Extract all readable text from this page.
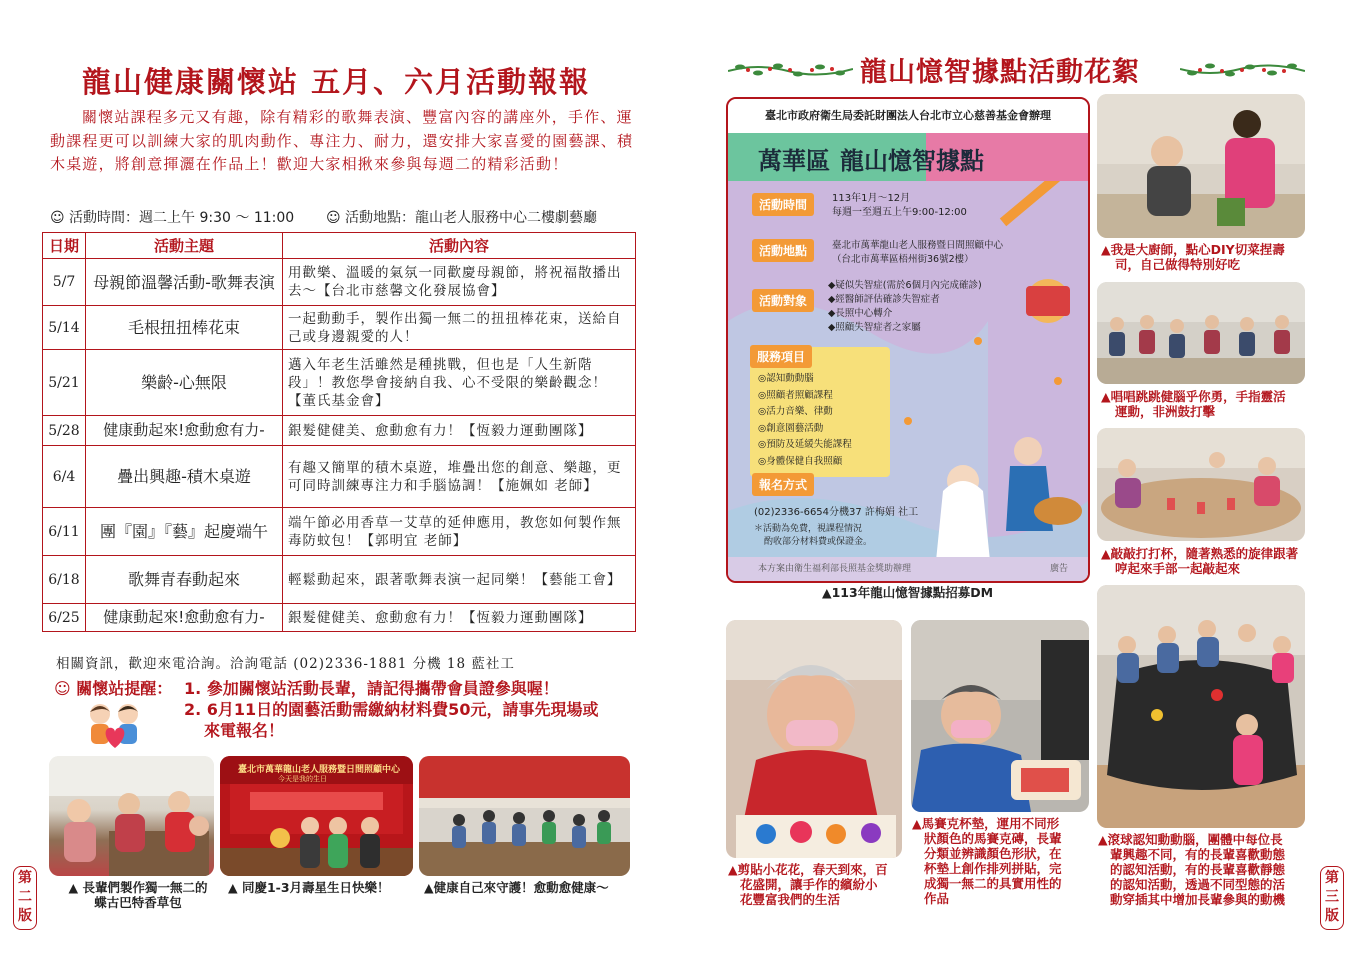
龍山健康關懷站 五月、六月活動報報
關懷站課程多元又有趣，除有精彩的歌舞表演、豐富內容的講座外，手作、運動課程更可以訓練大家的肌肉動作、專注力、耐力，還安排大家喜愛的園藝課、積木桌遊，將創意揮灑在作品上！歡迎大家相揪來參與每週二的精彩活動！
☺ 活動時間：週二上午 9:30 ～ 11:00 ☺ 活動地點：龍山老人服務中心二樓劇藝廳
日期	活動主題	活動內容
5/7	母親節溫馨活動-歌舞表演	用歡樂、溫暖的氣氛一同歡慶母親節，將祝福散播出去～【台北市慈馨文化發展協會】
5/14	毛根扭扭棒花束	一起動動手，製作出獨一無二的扭扭棒花束，送給自己或身邊親愛的人！
5/21	樂齡-心無限	邁入年老生活雖然是種挑戰，但也是「人生新階段」！教您學會接納自我、心不受限的樂齡觀念！【董氏基金會】
5/28	健康動起來!愈動愈有力-	銀髮健健美、愈動愈有力！【恆毅力運動團隊】
6/4	疊出興趣-積木桌遊	有趣又簡單的積木桌遊，堆疊出您的創意、樂趣，更可同時訓練專注力和手腦協調！【施姵如 老師】
6/11	團『園』『藝』起慶端午	端午節必用香草一艾草的延伸應用，教您如何製作無毒防蚊包！【郭明宜 老師】
6/18	歌舞青春動起來	輕鬆動起來，跟著歌舞表演一起同樂！【藝能工會】
6/25	健康動起來!愈動愈有力-	銀髮健健美、愈動愈有力！【恆毅力運動團隊】
相關資訊，歡迎來電洽詢。洽詢電話 (02)2336-1881 分機 18 藍社工
☺ 關懷站提醒： 1. 參加關懷站活動長輩，請記得攜帶會員證參與喔！
2. 6月11日的園藝活動需繳納材料費50元，請事先現場或
來電報名！
臺北市萬華龍山老人服務暨日間照顧中心
今天是我的生日
▲ 長輩們製作獨一無二的
蝶古巴特香草包
▲ 同慶1-3月壽星生日快樂！	▲健康自己來守護！愈動愈健康～
第二版
龍山憶智據點活動花絮
臺北市政府衛生局委託財團法人台北市立心慈善基金會辦理
萬華區 龍山憶智據點
活動時間	113年1月～12月
每週一至週五上午9:00-12:00
活動地點	臺北市萬華龍山老人服務暨日間照顧中心
（台北市萬華區梧州街36號2樓）
活動對象
◆疑似失智症(需於6個月內完成確診)
◆經醫師評估確診失智症者
◆長照中心轉介
◆照顧失智症者之家屬
服務項目
◎認知動動腦
◎照顧者照顧課程
◎活力音樂、律動
◎創意園藝活動
◎預防及延緩失能課程
◎身體保健自我照顧
報名方式
(02)2336-6654分機37 許梅娟 社工
＊活動為免費，視課程情況
酌收部分材料費或保證金。
本方案由衛生福利部長照基金獎助辦理	廣告
▲113年龍山憶智據點招募DM
▲我是大廚師，點心DIY切菜捏壽
司，自己做得特別好吃
▲唱唱跳跳健腦乎你勇，手指靈活
運動，非洲鼓打擊
▲敲敲打打杯，隨著熟悉的旋律跟著
哼起來手部一起敲起來
▲剪貼小花花，春天到來，百
花盛開，讓手作的繽紛小
花豐富我們的生活
▲馬賽克杯墊，運用不同形
狀顏色的馬賽克磚，長輩
分類並辨識顏色形狀，在
杯墊上創作排列拼貼，完
成獨一無二的具實用性的
作品
▲滾球認知動動腦，團體中每位長
輩興趣不同，有的長輩喜歡動態
的認知活動，有的長輩喜歡靜態
的認知活動，透過不同型態的活
動穿插其中增加長輩參與的動機
第三版
